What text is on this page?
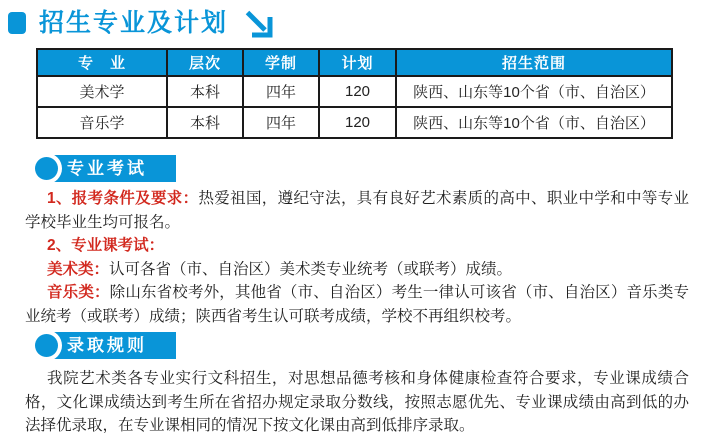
招生专业及计划
专　业	层次	学制	计划	招生范围
美术学	本科	四年	120	陕西、山东等10个省（市、自治区）
音乐学	本科	四年	120	陕西、山东等10个省（市、自治区）
专业考试

1、报考条件及要求：热爱祖国，遵纪守法，具有良好艺术素质的高中、职业中学和中等专业学校毕业生均可报名。

2、专业课考试：

美术类：认可各省（市、自治区）美术类专业统考（或联考）成绩。

音乐类：除山东省校考外，其他省（市、自治区）考生一律认可该省（市、自治区）音乐类专业统考（或联考）成绩；陕西省考生认可联考成绩，学校不再组织校考。

录取规则

我院艺术类各专业实行文科招生，对思想品德考核和身体健康检查符合要求，专业课成绩合格，文化课成绩达到考生所在省招办规定录取分数线，按照志愿优先、专业课成绩由高到低的办法择优录取，在专业课相同的情况下按文化课由高到低排序录取。
